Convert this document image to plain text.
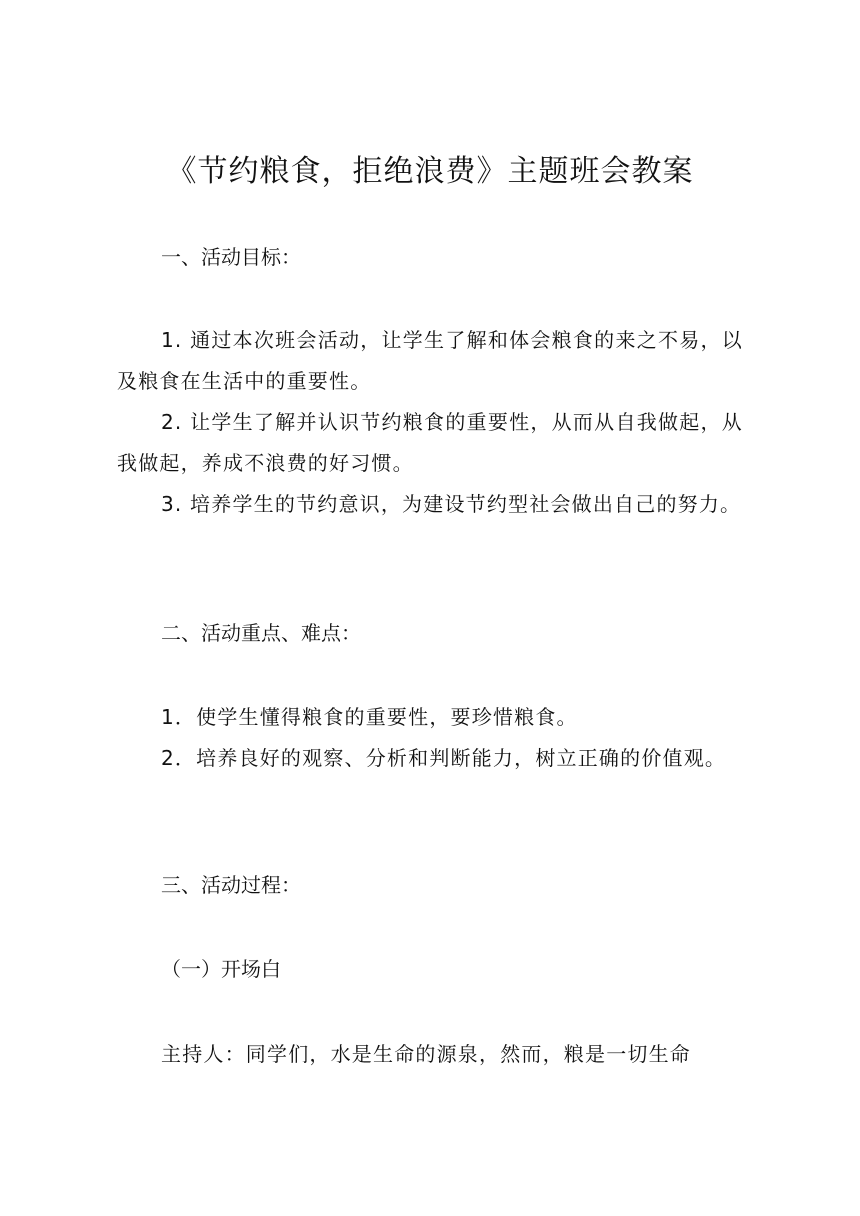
《节约粮食，拒绝浪费》主题班会教案
一、活动目标：
1. 通过本次班会活动，让学生了解和体会粮食的来之不易，以及粮食在生活中的重要性。
2. 让学生了解并认识节约粮食的重要性，从而从自我做起，从我做起，养成不浪费的好习惯。
3. 培养学生的节约意识，为建设节约型社会做出自己的努力。
二、活动重点、难点：
1．使学生懂得粮食的重要性，要珍惜粮食。
2．培养良好的观察、分析和判断能力，树立正确的价值观。
三、活动过程：
（一）开场白
主持人：同学们，水是生命的源泉，然而，粮是一切生命
